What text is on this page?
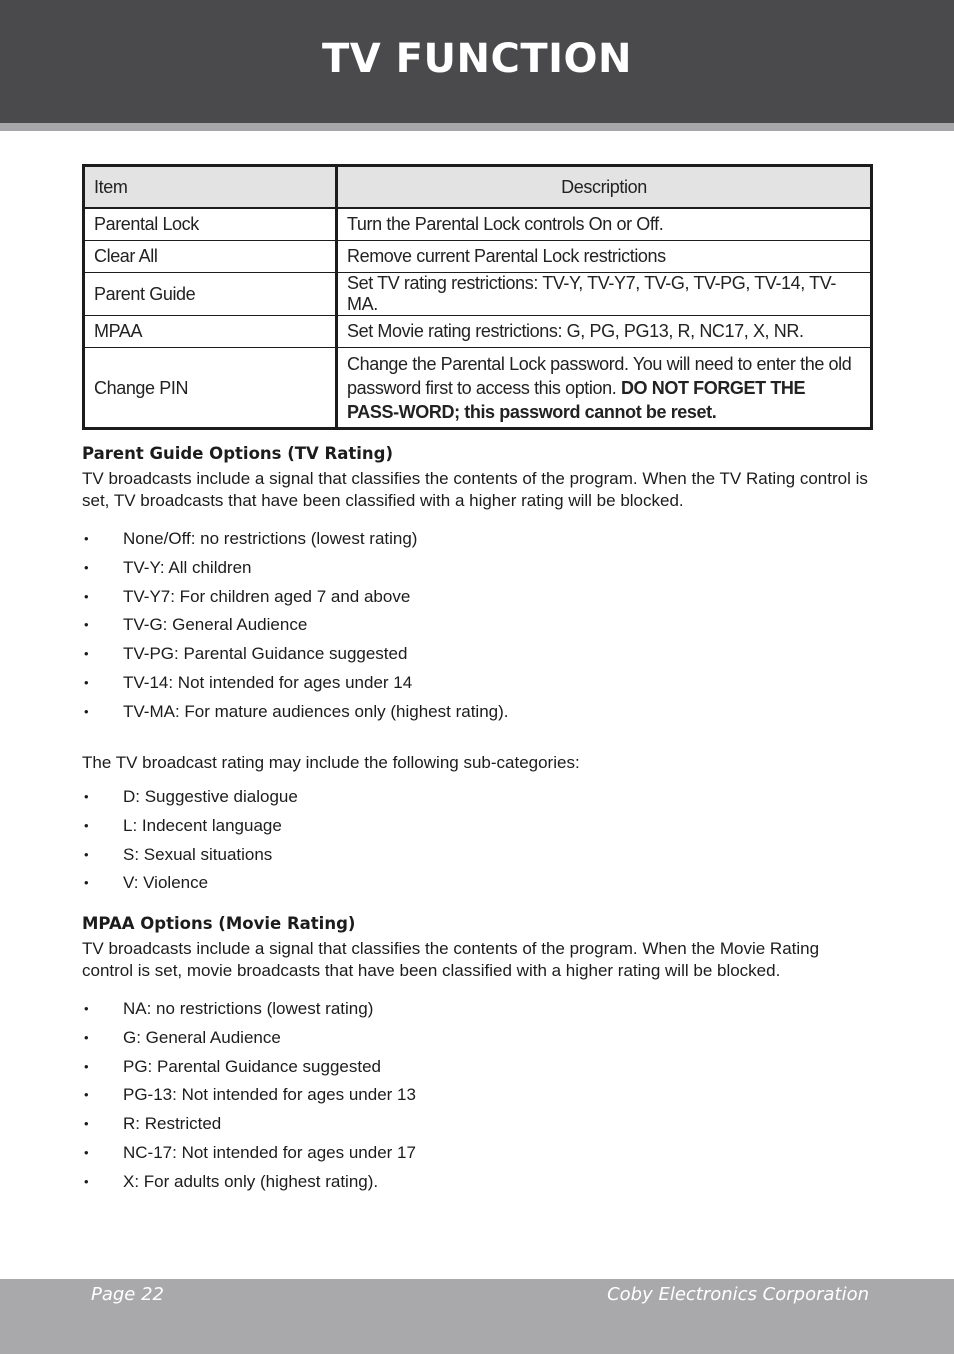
TV FUNCTION
Item	Description
Parental Lock	Turn the Parental Lock controls On or Off.
Clear All	Remove current Parental Lock restrictions
Parent Guide	Set TV rating restrictions: TV-Y, TV-Y7, TV-G, TV-PG, TV-14, TV-MA.
MPAA	Set Movie rating restrictions: G, PG, PG13, R, NC17, X, NR.
Change PIN	Change the Parental Lock password. You will need to enter the old password first to access this option. DO NOT FORGET THE PASS-WORD; this password cannot be reset.
Parent Guide Options (TV Rating)

TV broadcasts include a signal that classifies the contents of the program. When the TV Rating control is set, TV broadcasts that have been classified with a higher rating will be blocked.

• None/Off: no restrictions (lowest rating)
• TV-Y: All children
• TV-Y7: For children aged 7 and above
• TV-G: General Audience
• TV-PG: Parental Guidance suggested
• TV-14: Not intended for ages under 14
• TV-MA: For mature audiences only (highest rating).

The TV broadcast rating may include the following sub-categories:

• D: Suggestive dialogue
• L: Indecent language
• S: Sexual situations
• V: Violence
MPAA Options (Movie Rating)

TV broadcasts include a signal that classifies the contents of the program. When the Movie Rating control is set, movie broadcasts that have been classified with a higher rating will be blocked.

• NA: no restrictions (lowest rating)
• G: General Audience
• PG: Parental Guidance suggested
• PG-13: Not intended for ages under 13
• R: Restricted
• NC-17: Not intended for ages under 17
• X: For adults only (highest rating).
Page 22	Coby Electronics Corporation
